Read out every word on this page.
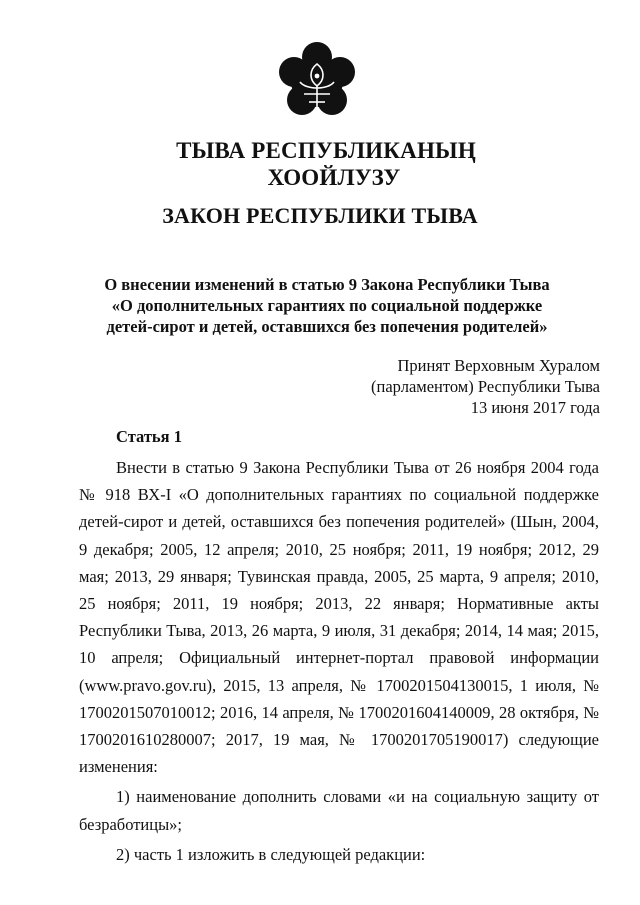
ТЫВА РЕСПУБЛИКАНЫҢ
ХООЙЛУЗУ
ЗАКОН РЕСПУБЛИКИ ТЫВА
О внесении изменений в статью 9 Закона Республики Тыва
«О дополнительных гарантиях по социальной поддержке
детей-сирот и детей, оставшихся без попечения родителей»
Принят Верховным Хуралом
(парламентом) Республики Тыва
13 июня 2017 года
Статья 1

Внести в статью 9 Закона Республики Тыва от 26 ноября 2004 года № 918 ВХ-I «О дополнительных гарантиях по социальной поддержке детей-сирот и детей, оставшихся без попечения родителей» (Шын, 2004, 9 декабря; 2005, 12 апреля; 2010, 25 ноября; 2011, 19 ноября; 2012, 29 мая; 2013, 29 января; Тувинская правда, 2005, 25 марта, 9 апреля; 2010, 25 ноября; 2011, 19 ноября; 2013, 22 января; Нормативные акты Республики Тыва, 2013, 26 марта, 9 июля, 31 декабря; 2014, 14 мая; 2015, 10 апреля; Официальный интернет-портал правовой информации (www.pravo.gov.ru), 2015, 13 апреля, № 1700201504130015, 1 июля, № 1700201507010012; 2016, 14 апреля, № 1700201604140009, 28 октября, № 1700201610280007; 2017, 19 мая, № 1700201705190017) следующие изменения:

1) наименование дополнить словами «и на социальную защиту от безработицы»;

2) часть 1 изложить в следующей редакции:
